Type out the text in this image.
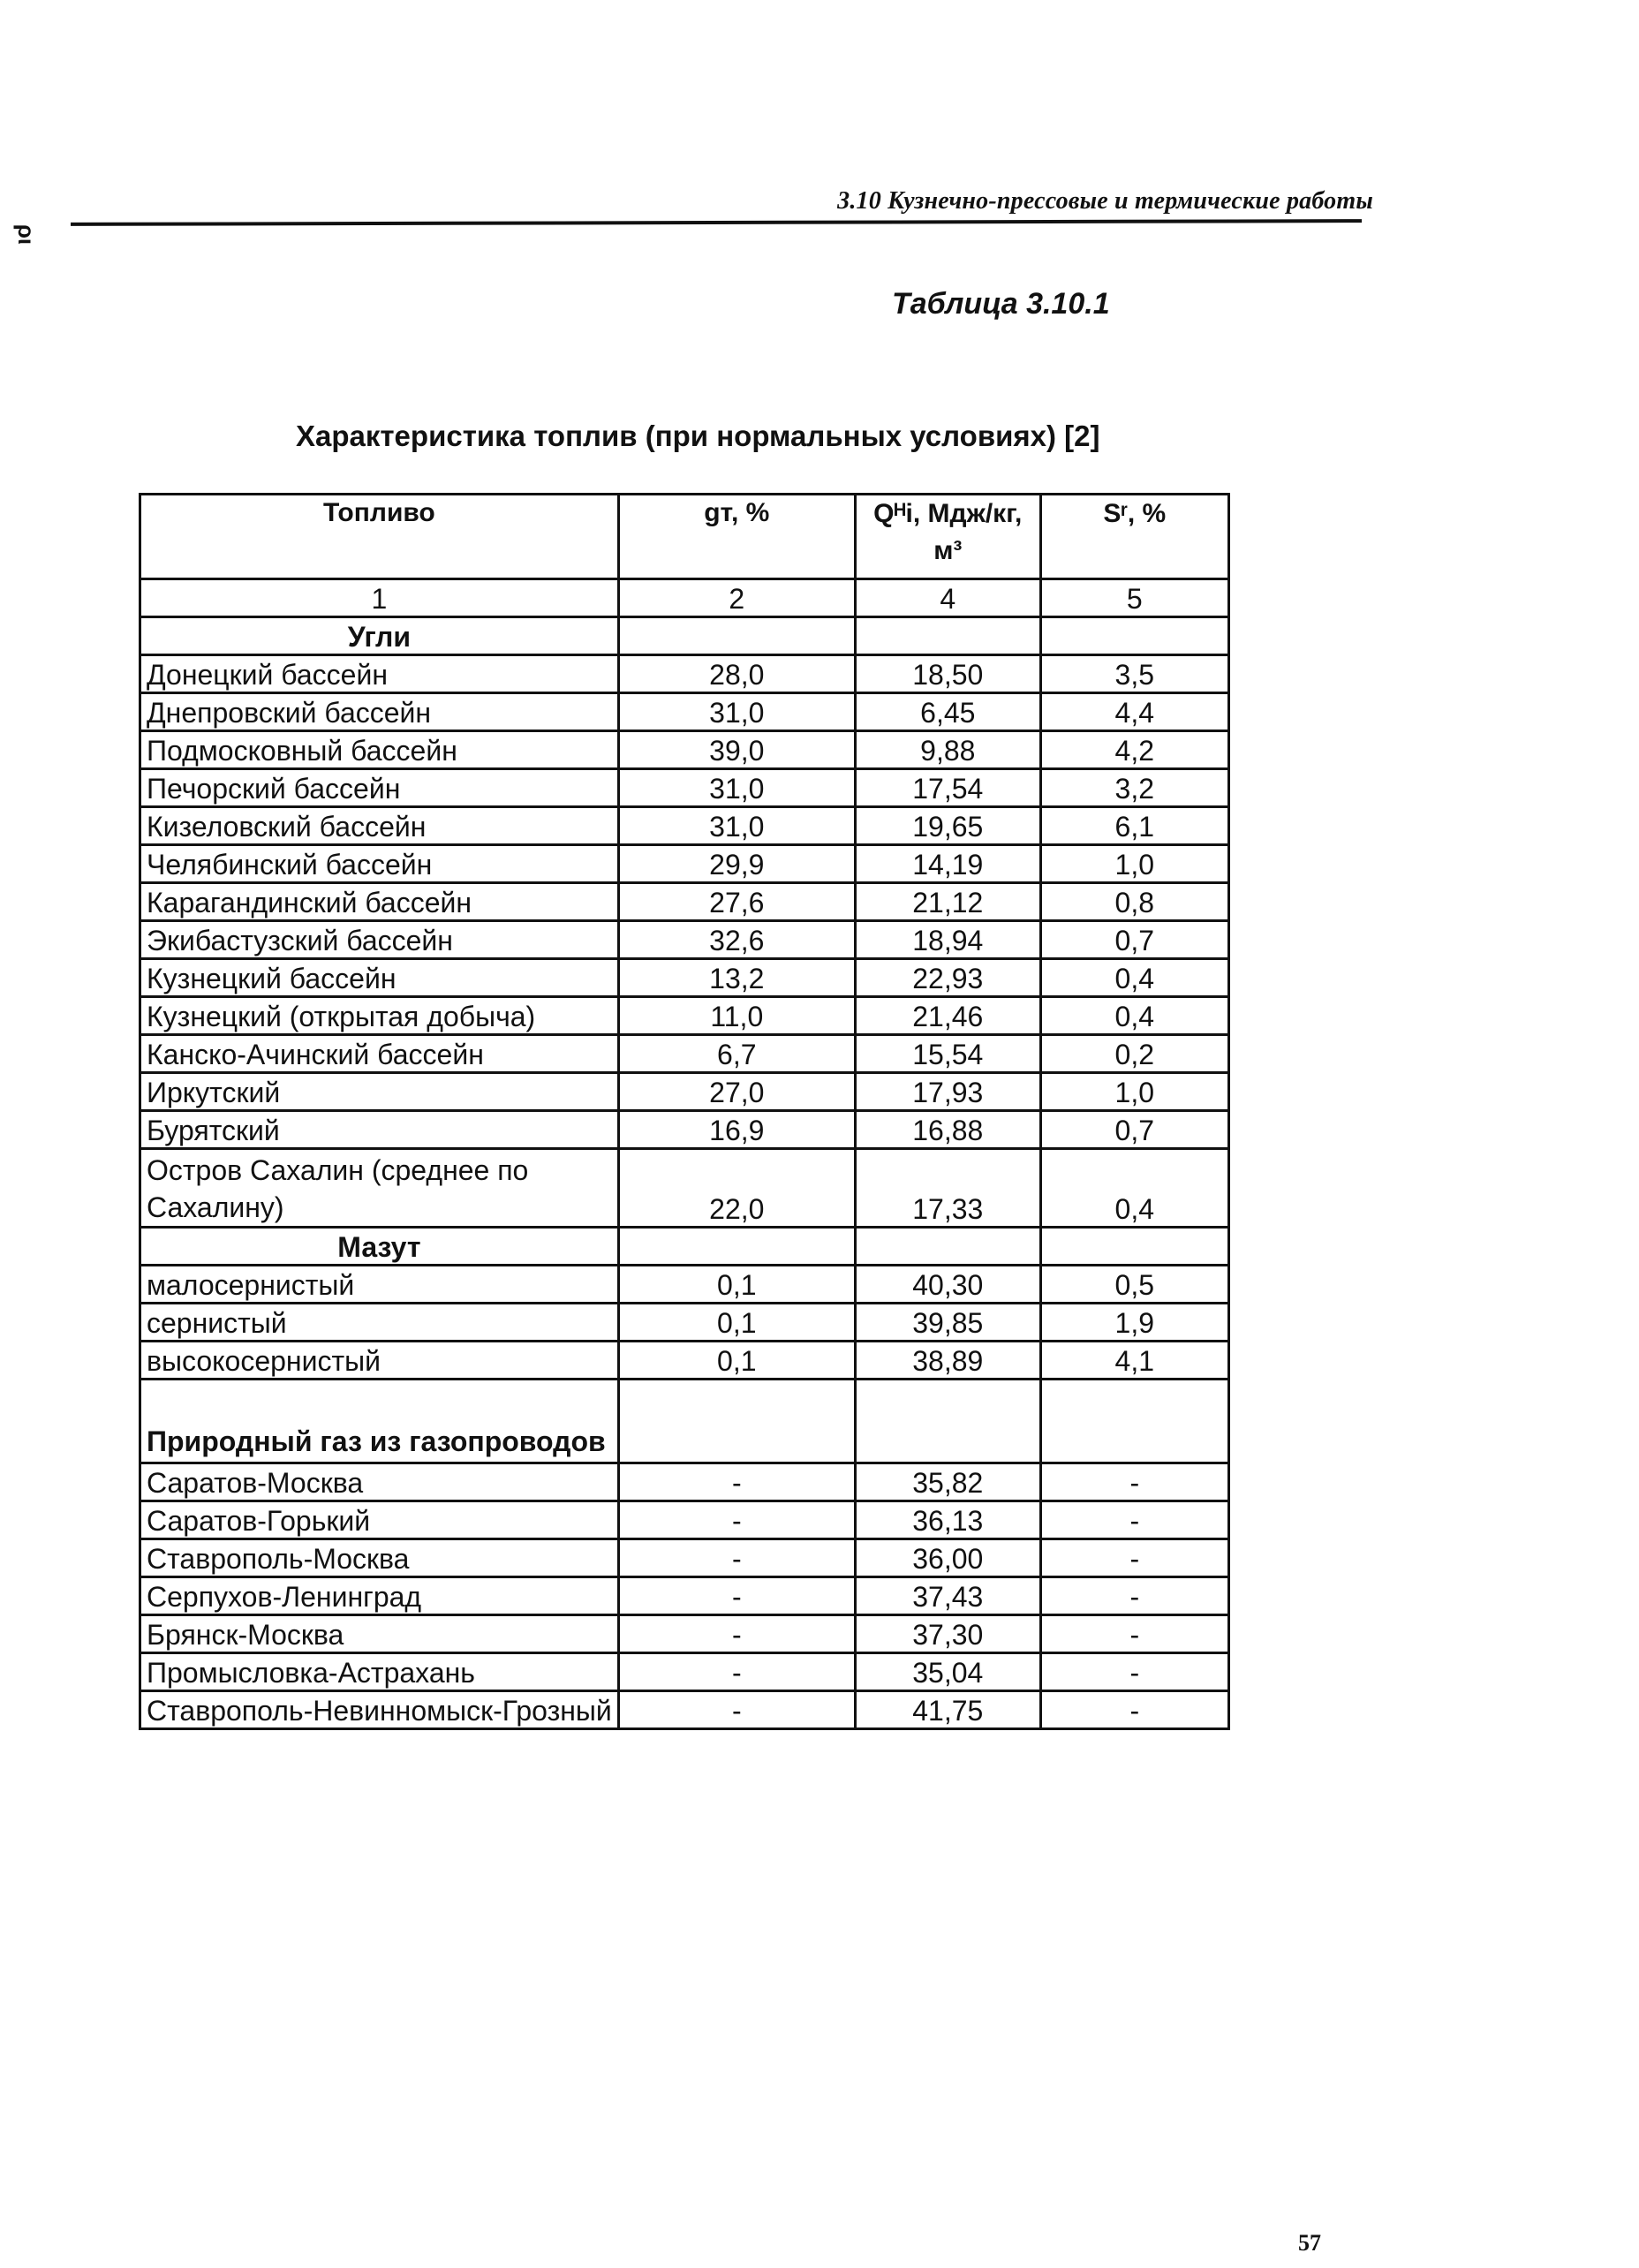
ρι
3.10 Кузнечно-прессовые и термические работы
Таблица 3.10.1
Характеристика топлив (при нормальных условиях) [2]
Топливо	gт, %	Qᴴi, Мдж/кг, м³	Sʳ, %
1	2	4	5
Угли			
Донецкий бассейн	28,0	18,50	3,5
Днепровский бассейн	31,0	6,45	4,4
Подмосковный бассейн	39,0	9,88	4,2
Печорский бассейн	31,0	17,54	3,2
Кизеловский бассейн	31,0	19,65	6,1
Челябинский бассейн	29,9	14,19	1,0
Карагандинский бассейн	27,6	21,12	0,8
Экибастузский бассейн	32,6	18,94	0,7
Кузнецкий бассейн	13,2	22,93	0,4
Кузнецкий (открытая добыча)	11,0	21,46	0,4
Канско-Ачинский бассейн	6,7	15,54	0,2
Иркутский	27,0	17,93	1,0
Бурятский	16,9	16,88	0,7
Остров Сахалин (среднее по Сахалину)	22,0	17,33	0,4
Мазут			
малосернистый	0,1	40,30	0,5
сернистый	0,1	39,85	1,9
высокосернистый	0,1	38,89	4,1
Природный газ из газопроводов			
Саратов-Москва	-	35,82	-
Саратов-Горький	-	36,13	-
Ставрополь-Москва	-	36,00	-
Серпухов-Ленинград	-	37,43	-
Брянск-Москва	-	37,30	-
Промысловка-Астрахань	-	35,04	-
Ставрополь-Невинномыск-Грозный	-	41,75	-
57
